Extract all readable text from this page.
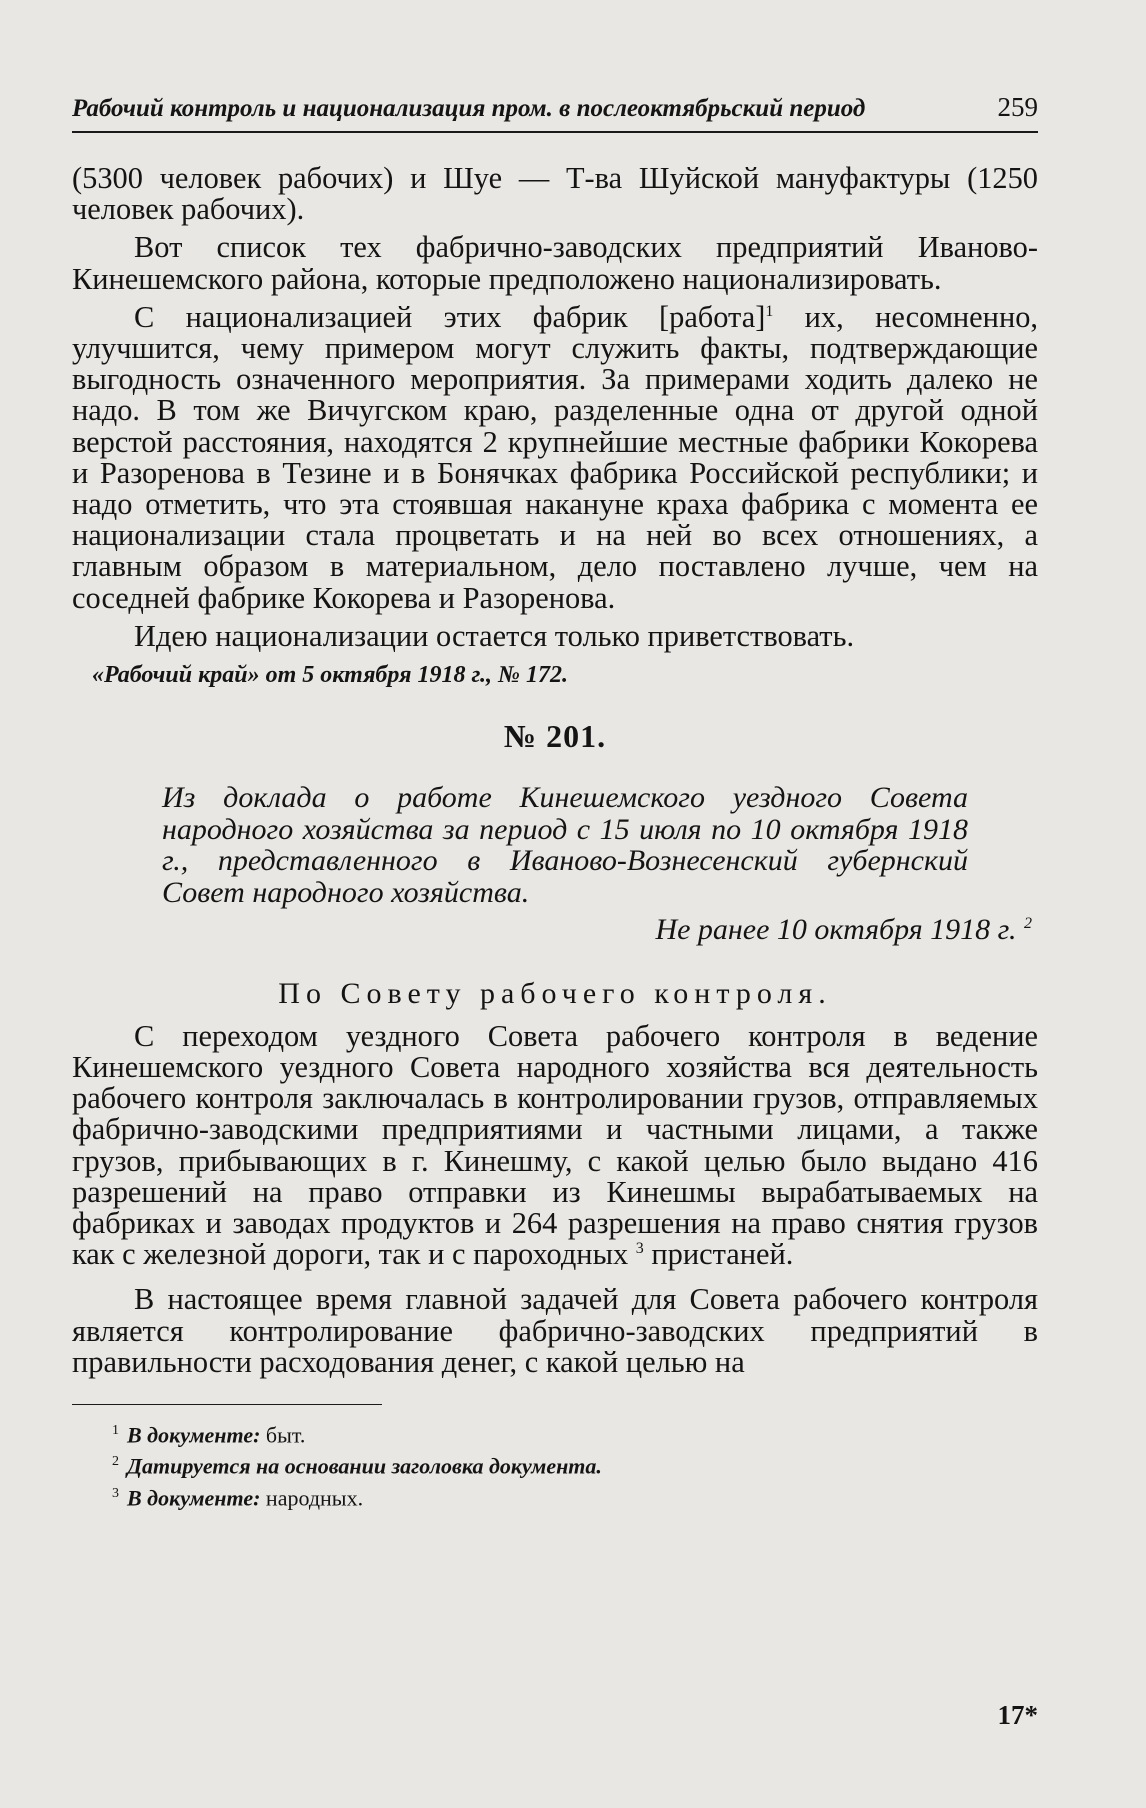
Рабочий контроль и национализация пром. в послеоктябрьский период	259

(5300 человек рабочих) и Шуе — Т-ва Шуйской мануфактуры (1250 человек рабочих).

Вот список тех фабрично-заводских предприятий Иваново-Кинешемского района, которые предположено национализировать.

С национализацией этих фабрик [работа]$^1$ их, несомненно, улучшится, чему примером могут служить факты, подтверждающие выгодность означенного мероприятия. За примерами ходить далеко не надо. В том же Вичугском краю, разделенные одна от другой одной верстой расстояния, находятся 2 крупнейшие местные фабрики Кокорева и Разоренова в Тезине и в Бонячках фабрика Российской республики; и надо отметить, что эта стоявшая накануне краха фабрика с момента ее национализации стала процветать и на ней во всех отношениях, а главным образом в материальном, дело поставлено лучше, чем на соседней фабрике Кокорева и Разоренова.

Идею национализации остается только приветствовать.

«Рабочий край» от 5 октября 1918 г., № 172.

№ 201.

Из доклада о работе Кинешемского уездного Совета народного хозяйства за период с 15 июля по 10 октября 1918 г., представленного в Иваново-Вознесенский губернский Совет народного хозяйства.

Не ранее 10 октября 1918 г. $^2$
По Совету рабочего контроля.

С переходом уездного Совета рабочего контроля в ведение Кинешемского уездного Совета народного хозяйства вся деятельность рабочего контроля заключалась в контролировании грузов, отправляемых фабрично-заводскими предприятиями и частными лицами, а также грузов, прибывающих в г. Кинешму, с какой целью было выдано 416 разрешений на право отправки из Кинешмы вырабатываемых на фабриках и заводах продуктов и 264 разрешения на право снятия грузов как с железной дороги, так и с пароходных $^3$ пристаней.

В настоящее время главной задачей для Совета рабочего контроля является контролирование фабрично-заводских предприятий в правильности расходования денег, с какой целью на

$^1$ В документе: быт.
$^2$ Датируется на основании заголовка документа.
$^3$ В документе: народных.
17*
